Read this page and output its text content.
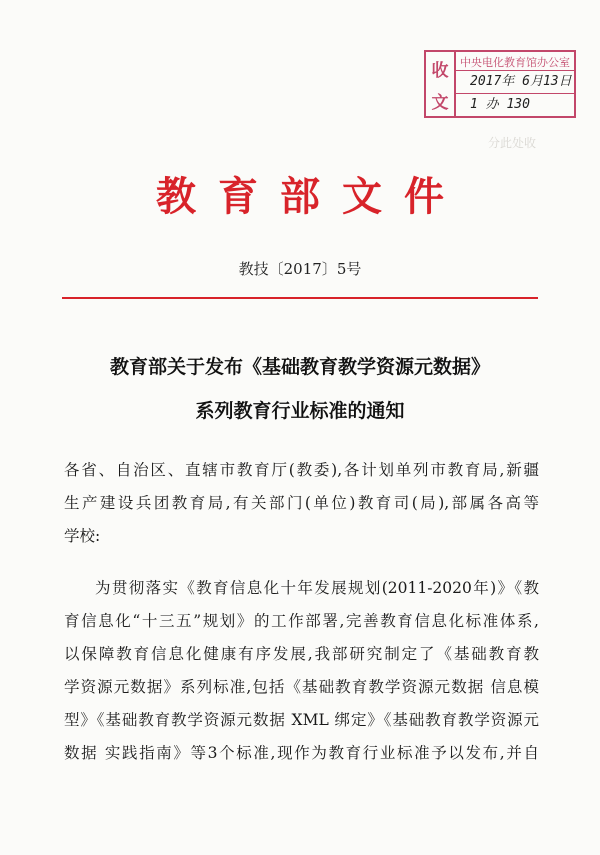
收
文
中央电化教育馆办公室
2017年 6月13日
1 办 130
分此处收
教育部文件
教技〔2017〕5号
教育部关于发布《基础教育教学资源元数据》
系列教育行业标准的通知
各省、自治区、直辖市教育厅(教委),各计划单列市教育局,新疆
生产建设兵团教育局,有关部门(单位)教育司(局),部属各高等
学校:
为贯彻落实《教育信息化十年发展规划(2011-2020年)》《教
育信息化“十三五”规划》的工作部署,完善教育信息化标准体系,
以保障教育信息化健康有序发展,我部研究制定了《基础教育教
学资源元数据》系列标准,包括《基础教育教学资源元数据 信息模
型》《基础教育教学资源元数据 XML 绑定》《基础教育教学资源元
数据 实践指南》等3个标准,现作为教育行业标准予以发布,并自
